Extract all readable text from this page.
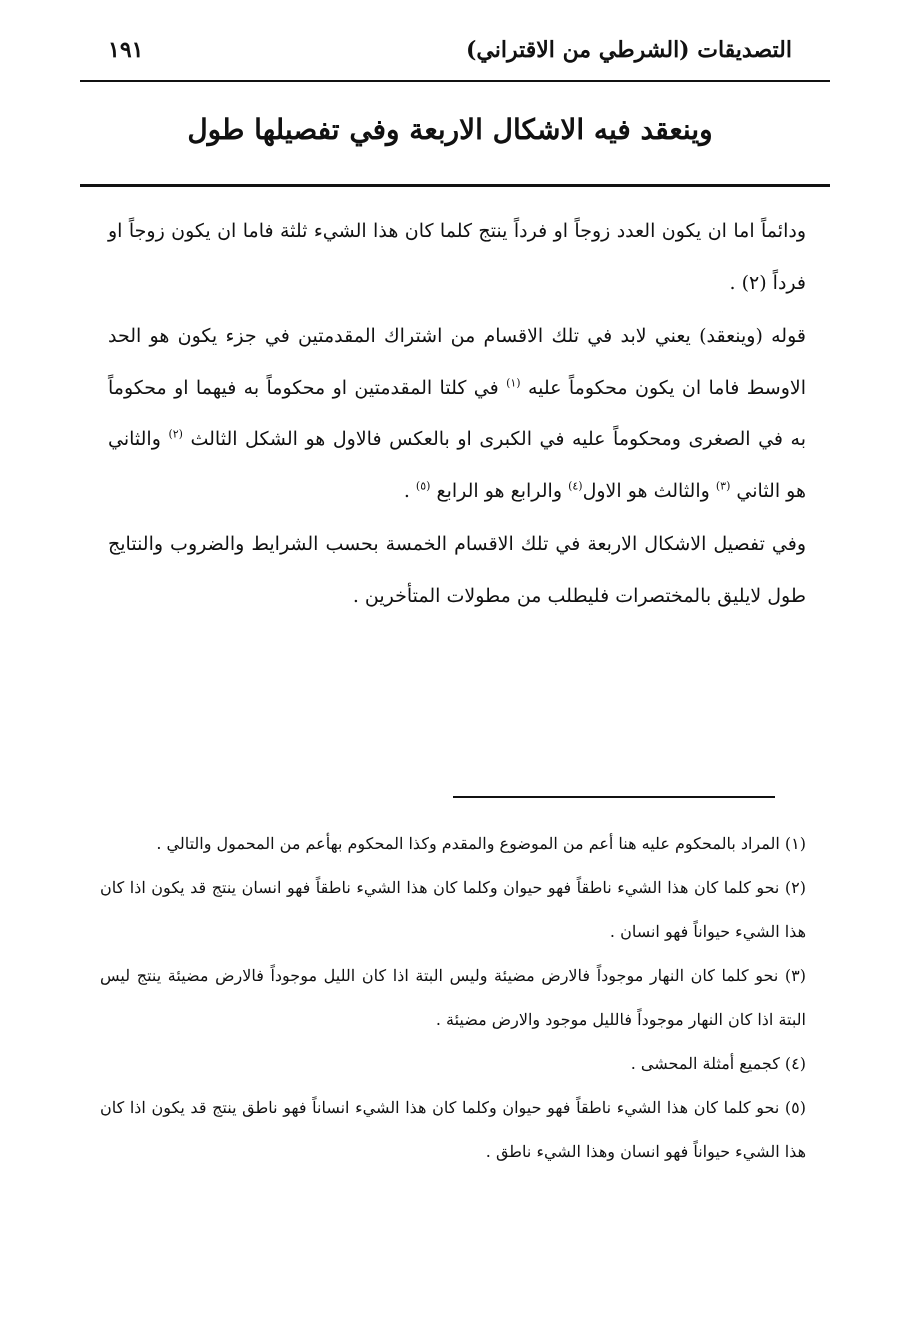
التصديقات (الشرطي من الاقتراني)
١٩١
وينعقد فيه الاشكال الاربعة وفي تفصيلها طول

ودائماً اما ان يكون العدد زوجاً او فرداً ينتج كلما كان هذا الشيء ثلثة فاما ان يكون زوجاً او فرداً (٢) .

قوله (وينعقد) يعني لابد في تلك الاقسام من اشتراك المقدمتين في جزء يكون هو الحد الاوسط فاما ان يكون محكوماً عليه $^{(١)}$ في كلتا المقدمتين او محكوماً به فيهما او محكوماً به في الصغرى ومحكوماً عليه في الكبرى او بالعكس فالاول هو الشكل الثالث $^{(٢)}$ والثاني هو الثاني $^{(٣)}$ والثالث هو الاول$^{(٤)}$ والرابع هو الرابع $^{(٥)}$ .

وفي تفصيل الاشكال الاربعة في تلك الاقسام الخمسة بحسب الشرايط والضروب والنتايج طول لايليق بالمختصرات فليطلب من مطولات المتأخرين .

(١) المراد بالمحكوم عليه هنا أعم من الموضوع والمقدم وكذا المحكوم بهأعم من المحمول والتالي .

(٢) نحو كلما كان هذا الشيء ناطقاً فهو حيوان وكلما كان هذا الشيء ناطقاً فهو انسان ينتج قد يكون اذا كان هذا الشيء حيواناً فهو انسان .

(٣) نحو كلما كان النهار موجوداً فالارض مضيئة وليس البتة اذا كان الليل موجوداً فالارض مضيئة ينتج ليس البتة اذا كان النهار موجوداً فالليل موجود والارض مضيئة .

(٤) كجميع أمثلة المحشى .

(٥) نحو كلما كان هذا الشيء ناطقاً فهو حيوان وكلما كان هذا الشيء انساناً فهو ناطق ينتج قد يكون اذا كان هذا الشيء حيواناً فهو انسان وهذا الشيء ناطق .
